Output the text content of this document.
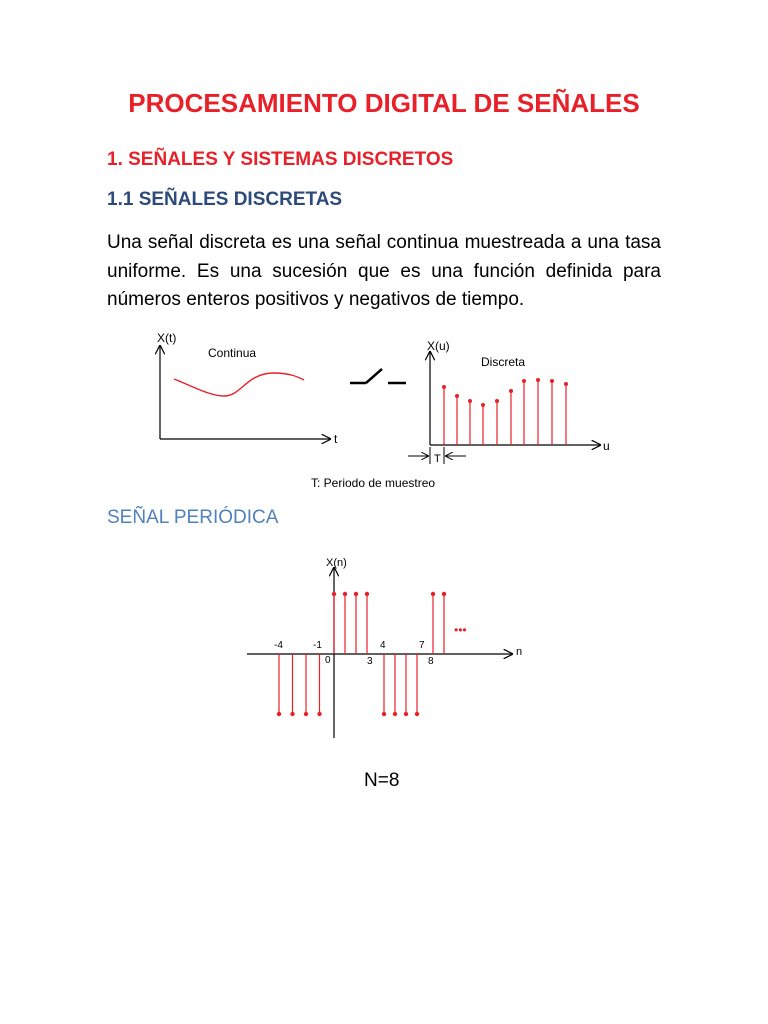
PROCESAMIENTO DIGITAL DE SEÑALES
1. SEÑALES Y SISTEMAS DISCRETOS
1.1 SEÑALES DISCRETAS
Una señal discreta es una señal continua muestreada a una tasa uniforme. Es una sucesión que es una función definida para números enteros positivos y negativos de tiempo.
X(t)
t
Continua	X(u)
u
Discreta
T
T: Periodo de muestreo
SEÑAL PERIÓDICA
X(n)
n
-4	-1
0	3
4	7
8
•••
N=8
